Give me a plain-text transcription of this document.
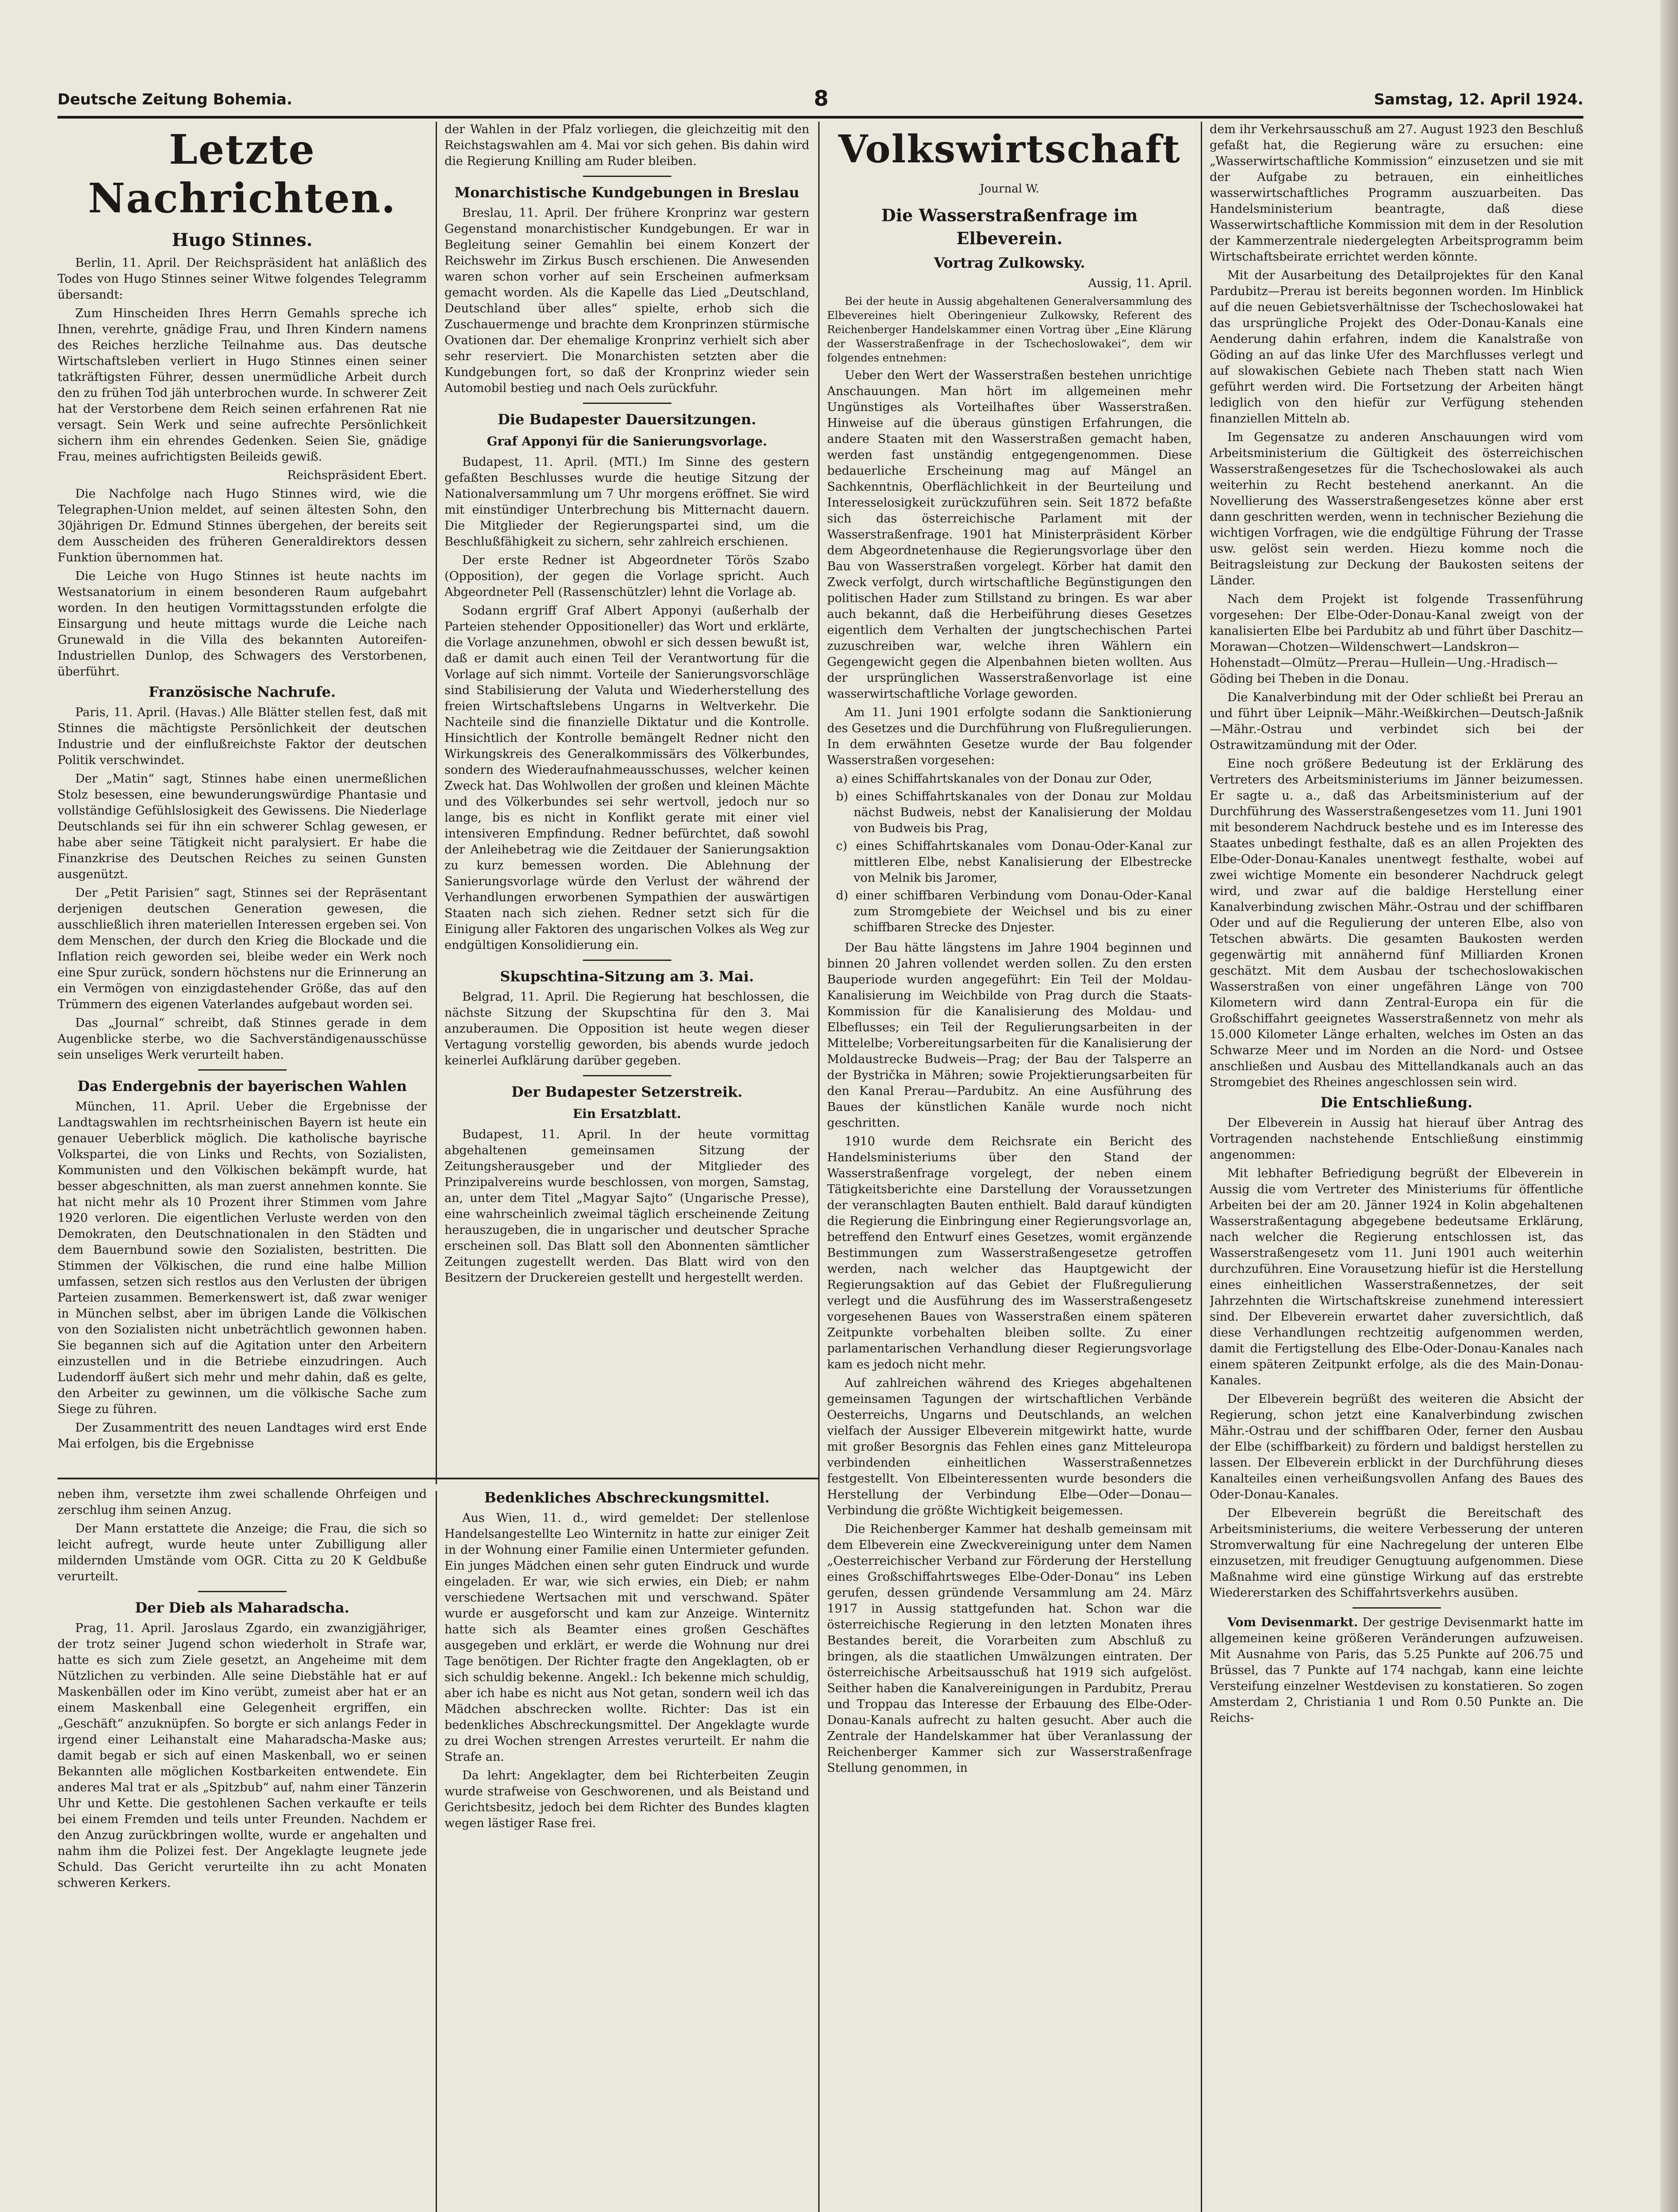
Deutsche Zeitung Bohemia.	8	Samstag, 12. April 1924.
Letzte Nachrichten.
Hugo Stinnes.

Berlin, 11. April. Der Reichspräsident hat anläßlich des Todes von Hugo Stinnes seiner Witwe folgendes Telegramm übersandt:

Zum Hinscheiden Ihres Herrn Gemahls spreche ich Ihnen, verehrte, gnädige Frau, und Ihren Kindern namens des Reiches herzliche Teilnahme aus. Das deutsche Wirtschaftsleben verliert in Hugo Stinnes einen seiner tatkräftigsten Führer, dessen unermüdliche Arbeit durch den zu frühen Tod jäh unterbrochen wurde. In schwerer Zeit hat der Verstorbene dem Reich seinen erfahrenen Rat nie versagt. Sein Werk und seine aufrechte Persönlichkeit sichern ihm ein ehrendes Gedenken. Seien Sie, gnädige Frau, meines aufrichtigsten Beileids gewiß.

Reichspräsident Ebert.

Die Nachfolge nach Hugo Stinnes wird, wie die Telegraphen-Union meldet, auf seinen ältesten Sohn, den 30jährigen Dr. Edmund Stinnes übergehen, der bereits seit dem Ausscheiden des früheren Generaldirektors dessen Funktion übernommen hat.

Die Leiche von Hugo Stinnes ist heute nachts im Westsanatorium in einem besonderen Raum aufgebahrt worden. In den heutigen Vormittagsstunden erfolgte die Einsargung und heute mittags wurde die Leiche nach Grunewald in die Villa des bekannten Autoreifen-Industriellen Dunlop, des Schwagers des Verstorbenen, überführt.

Französische Nachrufe.

Paris, 11. April. (Havas.) Alle Blätter stellen fest, daß mit Stinnes die mächtigste Persönlichkeit der deutschen Industrie und der einflußreichste Faktor der deutschen Politik verschwindet.

Der „Matin“ sagt, Stinnes habe einen unermeßlichen Stolz besessen, eine bewunderungswürdige Phantasie und vollständige Gefühlslosigkeit des Gewissens. Die Niederlage Deutschlands sei für ihn ein schwerer Schlag gewesen, er habe aber seine Tätigkeit nicht paralysiert. Er habe die Finanzkrise des Deutschen Reiches zu seinen Gunsten ausgenützt.

Der „Petit Parisien“ sagt, Stinnes sei der Repräsentant derjenigen deutschen Generation gewesen, die ausschließlich ihren materiellen Interessen ergeben sei. Von dem Menschen, der durch den Krieg die Blockade und die Inflation reich geworden sei, bleibe weder ein Werk noch eine Spur zurück, sondern höchstens nur die Erinnerung an ein Vermögen von einzigdastehender Größe, das auf den Trümmern des eigenen Vaterlandes aufgebaut worden sei.

Das „Journal“ schreibt, daß Stinnes gerade in dem Augenblicke sterbe, wo die Sachverständigenausschüsse sein unseliges Werk verurteilt haben.

Das Endergebnis der bayerischen Wahlen

München, 11. April. Ueber die Ergebnisse der Landtagswahlen im rechtsrheinischen Bayern ist heute ein genauer Ueberblick möglich. Die katholische bayrische Volkspartei, die von Links und Rechts, von Sozialisten, Kommunisten und den Völkischen bekämpft wurde, hat besser abgeschnitten, als man zuerst annehmen konnte. Sie hat nicht mehr als 10 Prozent ihrer Stimmen vom Jahre 1920 verloren. Die eigentlichen Verluste werden von den Demokraten, den Deutschnationalen in den Städten und dem Bauernbund sowie den Sozialisten, bestritten. Die Stimmen der Völkischen, die rund eine halbe Million umfassen, setzen sich restlos aus den Verlusten der übrigen Parteien zusammen. Bemerkenswert ist, daß zwar weniger in München selbst, aber im übrigen Lande die Völkischen von den Sozialisten nicht unbeträchtlich gewonnen haben. Sie begannen sich auf die Agitation unter den Arbeitern einzustellen und in die Betriebe einzudringen. Auch Ludendorff äußert sich mehr und mehr dahin, daß es gelte, den Arbeiter zu gewinnen, um die völkische Sache zum Siege zu führen.

Der Zusammentritt des neuen Landtages wird erst Ende Mai erfolgen, bis die Ergebnisse

der Wahlen in der Pfalz vorliegen, die gleichzeitig mit den Reichstagswahlen am 4. Mai vor sich gehen. Bis dahin wird die Regierung Knilling am Ruder bleiben.

Monarchistische Kundgebungen in Breslau

Breslau, 11. April. Der frühere Kronprinz war gestern Gegenstand monarchistischer Kundgebungen. Er war in Begleitung seiner Gemahlin bei einem Konzert der Reichswehr im Zirkus Busch erschienen. Die Anwesenden waren schon vorher auf sein Erscheinen aufmerksam gemacht worden. Als die Kapelle das Lied „Deutschland, Deutschland über alles“ spielte, erhob sich die Zuschauermenge und brachte dem Kronprinzen stürmische Ovationen dar. Der ehemalige Kronprinz verhielt sich aber sehr reserviert. Die Monarchisten setzten aber die Kundgebungen fort, so daß der Kronprinz wieder sein Automobil bestieg und nach Oels zurückfuhr.

Die Budapester Dauersitzungen.
Graf Apponyi für die Sanierungsvorlage.

Budapest, 11. April. (MTI.) Im Sinne des gestern gefaßten Beschlusses wurde die heutige Sitzung der Nationalversammlung um 7 Uhr morgens eröffnet. Sie wird mit einstündiger Unterbrechung bis Mitternacht dauern. Die Mitglieder der Regierungspartei sind, um die Beschlußfähigkeit zu sichern, sehr zahlreich erschienen.

Der erste Redner ist Abgeordneter Törös Szabo (Opposition), der gegen die Vorlage spricht. Auch Abgeordneter Pell (Rassenschützler) lehnt die Vorlage ab.

Sodann ergriff Graf Albert Apponyi (außerhalb der Parteien stehender Oppositioneller) das Wort und erklärte, die Vorlage anzunehmen, obwohl er sich dessen bewußt ist, daß er damit auch einen Teil der Verantwortung für die Vorlage auf sich nimmt. Vorteile der Sanierungsvorschläge sind Stabilisierung der Valuta und Wiederherstellung des freien Wirtschaftslebens Ungarns in Weltverkehr. Die Nachteile sind die finanzielle Diktatur und die Kontrolle. Hinsichtlich der Kontrolle bemängelt Redner nicht den Wirkungskreis des Generalkommissärs des Völkerbundes, sondern des Wiederaufnahmeausschusses, welcher keinen Zweck hat. Das Wohlwollen der großen und kleinen Mächte und des Völkerbundes sei sehr wertvoll, jedoch nur so lange, bis es nicht in Konflikt gerate mit einer viel intensiveren Empfindung. Redner befürchtet, daß sowohl der Anleihebetrag wie die Zeitdauer der Sanierungsaktion zu kurz bemessen worden. Die Ablehnung der Sanierungsvorlage würde den Verlust der während der Verhandlungen erworbenen Sympathien der auswärtigen Staaten nach sich ziehen. Redner setzt sich für die Einigung aller Faktoren des ungarischen Volkes als Weg zur endgültigen Konsolidierung ein.

Skupschtina-Sitzung am 3. Mai.

Belgrad, 11. April. Die Regierung hat beschlossen, die nächste Sitzung der Skupschtina für den 3. Mai anzuberaumen. Die Opposition ist heute wegen dieser Vertagung vorstellig geworden, bis abends wurde jedoch keinerlei Aufklärung darüber gegeben.

Der Budapester Setzerstreik.
Ein Ersatzblatt.

Budapest, 11. April. In der heute vormittag abgehaltenen gemeinsamen Sitzung der Zeitungsherausgeber und der Mitglieder des Prinzipalvereins wurde beschlossen, von morgen, Samstag, an, unter dem Titel „Magyar Sajto“ (Ungarische Presse), eine wahrscheinlich zweimal täglich erscheinende Zeitung herauszugeben, die in ungarischer und deutscher Sprache erscheinen soll. Das Blatt soll den Abonnenten sämtlicher Zeitungen zugestellt werden. Das Blatt wird von den Besitzern der Druckereien gestellt und hergestellt werden.

Volkswirtschaft

Journal W.

Die Wasserstraßenfrage im Elbeverein.
Vortrag Zulkowsky.

Aussig, 11. April.

Bei der heute in Aussig abgehaltenen Generalversammlung des Elbevereines hielt Oberingenieur Zulkowsky, Referent des Reichenberger Handelskammer einen Vortrag über „Eine Klärung der Wasserstraßenfrage in der Tschechoslowakei“, dem wir folgendes entnehmen:

Ueber den Wert der Wasserstraßen bestehen unrichtige Anschauungen. Man hört im allgemeinen mehr Ungünstiges als Vorteilhaftes über Wasserstraßen. Hinweise auf die überaus günstigen Erfahrungen, die andere Staaten mit den Wasserstraßen gemacht haben, werden fast unständig entgegengenommen. Diese bedauerliche Erscheinung mag auf Mängel an Sachkenntnis, Oberflächlichkeit in der Beurteilung und Interesselosigkeit zurückzuführen sein. Seit 1872 befaßte sich das österreichische Parlament mit der Wasserstraßenfrage. 1901 hat Ministerpräsident Körber dem Abgeordnetenhause die Regierungsvorlage über den Bau von Wasserstraßen vorgelegt. Körber hat damit den Zweck verfolgt, durch wirtschaftliche Begünstigungen den politischen Hader zum Stillstand zu bringen. Es war aber auch bekannt, daß die Herbeiführung dieses Gesetzes eigentlich dem Verhalten der jungtschechischen Partei zuzuschreiben war, welche ihren Wählern ein Gegengewicht gegen die Alpenbahnen bieten wollten. Aus der ursprünglichen Wasserstraßenvorlage ist eine wasserwirtschaftliche Vorlage geworden.

Am 11. Juni 1901 erfolgte sodann die Sanktionierung des Gesetzes und die Durchführung von Flußregulierungen. In dem erwähnten Gesetze wurde der Bau folgender Wasserstraßen vorgesehen:

a) eines Schiffahrtskanales von der Donau zur Oder,
b) eines Schiffahrtskanales von der Donau zur Moldau nächst Budweis, nebst der Kanalisierung der Moldau von Budweis bis Prag,
c) eines Schiffahrtskanales vom Donau-Oder-Kanal zur mittleren Elbe, nebst Kanalisierung der Elbestrecke von Melnik bis Jaromer,
d) einer schiffbaren Verbindung vom Donau-Oder-Kanal zum Stromgebiete der Weichsel und bis zu einer schiffbaren Strecke des Dnjester.

Der Bau hätte längstens im Jahre 1904 beginnen und binnen 20 Jahren vollendet werden sollen. Zu den ersten Bauperiode wurden angegeführt: Ein Teil der Moldau-Kanalisierung im Weichbilde von Prag durch die Staats-Kommission für die Kanalisierung des Moldau- und Elbeflusses; ein Teil der Regulierungsarbeiten in der Mittelelbe; Vorbereitungsarbeiten für die Kanalisierung der Moldaustrecke Budweis—Prag; der Bau der Talsperre an der Bystrička in Mähren; sowie Projektierungsarbeiten für den Kanal Prerau—Pardubitz. An eine Ausführung des Baues der künstlichen Kanäle wurde noch nicht geschritten.

1910 wurde dem Reichsrate ein Bericht des Handelsministeriums über den Stand der Wasserstraßenfrage vorgelegt, der neben einem Tätigkeitsberichte eine Darstellung der Voraussetzungen der veranschlagten Bauten enthielt. Bald darauf kündigten die Regierung die Einbringung einer Regierungsvorlage an, betreffend den Entwurf eines Gesetzes, womit ergänzende Bestimmungen zum Wasserstraßengesetze getroffen werden, nach welcher das Hauptgewicht der Regierungsaktion auf das Gebiet der Flußregulierung verlegt und die Ausführung des im Wasserstraßengesetz vorgesehenen Baues von Wasserstraßen einem späteren Zeitpunkte vorbehalten bleiben sollte. Zu einer parlamentarischen Verhandlung dieser Regierungsvorlage kam es jedoch nicht mehr.

Auf zahlreichen während des Krieges abgehaltenen gemeinsamen Tagungen der wirtschaftlichen Verbände Oesterreichs, Ungarns und Deutschlands, an welchen vielfach der Aussiger Elbeverein mitgewirkt hatte, wurde mit großer Besorgnis das Fehlen eines ganz Mitteleuropa verbindenden einheitlichen Wasserstraßennetzes festgestellt. Von Elbeinteressenten wurde besonders die Herstellung der Verbindung Elbe—Oder—Donau—Verbindung die größte Wichtigkeit beigemessen.

Die Reichenberger Kammer hat deshalb gemeinsam mit dem Elbeverein eine Zweckvereinigung unter dem Namen „Oesterreichischer Verband zur Förderung der Herstellung eines Großschiffahrtsweges Elbe-Oder-Donau“ ins Leben gerufen, dessen gründende Versammlung am 24. März 1917 in Aussig stattgefunden hat. Schon war die österreichische Regierung in den letzten Monaten ihres Bestandes bereit, die Vorarbeiten zum Abschluß zu bringen, als die staatlichen Umwälzungen eintraten. Der österreichische Arbeitsausschuß hat 1919 sich aufgelöst. Seither haben die Kanalvereinigungen in Pardubitz, Prerau und Troppau das Interesse der Erbauung des Elbe-Oder-Donau-Kanals aufrecht zu halten gesucht. Aber auch die Zentrale der Handelskammer hat über Veranlassung der Reichenberger Kammer sich zur Wasserstraßenfrage Stellung genommen, in

dem ihr Verkehrsausschuß am 27. August 1923 den Beschluß gefaßt hat, die Regierung wäre zu ersuchen: eine „Wasserwirtschaftliche Kommission“ einzusetzen und sie mit der Aufgabe zu betrauen, ein einheitliches wasserwirtschaftliches Programm auszuarbeiten. Das Handelsministerium beantragte, daß diese Wasserwirtschaftliche Kommission mit dem in der Resolution der Kammerzentrale niedergelegten Arbeitsprogramm beim Wirtschaftsbeirate errichtet werden könnte.

Mit der Ausarbeitung des Detailprojektes für den Kanal Pardubitz—Prerau ist bereits begonnen worden. Im Hinblick auf die neuen Gebietsverhältnisse der Tschechoslowakei hat das ursprüngliche Projekt des Oder-Donau-Kanals eine Aenderung dahin erfahren, indem die Kanalstraße von Göding an auf das linke Ufer des Marchflusses verlegt und auf slowakischen Gebiete nach Theben statt nach Wien geführt werden wird. Die Fortsetzung der Arbeiten hängt lediglich von den hiefür zur Verfügung stehenden finanziellen Mitteln ab.

Im Gegensatze zu anderen Anschauungen wird vom Arbeitsministerium die Gültigkeit des österreichischen Wasserstraßengesetzes für die Tschechoslowakei als auch weiterhin zu Recht bestehend anerkannt. An die Novellierung des Wasserstraßengesetzes könne aber erst dann geschritten werden, wenn in technischer Beziehung die wichtigen Vorfragen, wie die endgültige Führung der Trasse usw. gelöst sein werden. Hiezu komme noch die Beitragsleistung zur Deckung der Baukosten seitens der Länder.

Nach dem Projekt ist folgende Trassenführung vorgesehen: Der Elbe-Oder-Donau-Kanal zweigt von der kanalisierten Elbe bei Pardubitz ab und führt über Daschitz—Morawan—Chotzen—Wildenschwert—Landskron—Hohenstadt—Olmütz—Prerau—Hullein—Ung.-Hradisch—Göding bei Theben in die Donau.

Die Kanalverbindung mit der Oder schließt bei Prerau an und führt über Leipnik—Mähr.-Weißkirchen—Deutsch-Jaßnik—Mähr.-Ostrau und verbindet sich bei der Ostrawitzamündung mit der Oder.

Eine noch größere Bedeutung ist der Erklärung des Vertreters des Arbeitsministeriums im Jänner beizumessen. Er sagte u. a., daß das Arbeitsministerium auf der Durchführung des Wasserstraßengesetzes vom 11. Juni 1901 mit besonderem Nachdruck bestehe und es im Interesse des Staates unbedingt festhalte, daß es an allen Projekten des Elbe-Oder-Donau-Kanales unentwegt festhalte, wobei auf zwei wichtige Momente ein besonderer Nachdruck gelegt wird, und zwar auf die baldige Herstellung einer Kanalverbindung zwischen Mähr.-Ostrau und der schiffbaren Oder und auf die Regulierung der unteren Elbe, also von Tetschen abwärts. Die gesamten Baukosten werden gegenwärtig mit annähernd fünf Milliarden Kronen geschätzt. Mit dem Ausbau der tschechoslowakischen Wasserstraßen von einer ungefähren Länge von 700 Kilometern wird dann Zentral-Europa ein für die Großschiffahrt geeignetes Wasserstraßennetz von mehr als 15.000 Kilometer Länge erhalten, welches im Osten an das Schwarze Meer und im Norden an die Nord- und Ostsee anschließen und Ausbau des Mittellandkanals auch an das Stromgebiet des Rheines angeschlossen sein wird.

Die Entschließung.

Der Elbeverein in Aussig hat hierauf über Antrag des Vortragenden nachstehende Entschließung einstimmig angenommen:

Mit lebhafter Befriedigung begrüßt der Elbeverein in Aussig die vom Vertreter des Ministeriums für öffentliche Arbeiten bei der am 20. Jänner 1924 in Kolin abgehaltenen Wasserstraßentagung abgegebene bedeutsame Erklärung, nach welcher die Regierung entschlossen ist, das Wasserstraßengesetz vom 11. Juni 1901 auch weiterhin durchzuführen. Eine Vorausetzung hiefür ist die Herstellung eines einheitlichen Wasserstraßennetzes, der seit Jahrzehnten die Wirtschaftskreise zunehmend interessiert sind. Der Elbeverein erwartet daher zuversichtlich, daß diese Verhandlungen rechtzeitig aufgenommen werden, damit die Fertigstellung des Elbe-Oder-Donau-Kanales nach einem späteren Zeitpunkt erfolge, als die des Main-Donau-Kanales.

Der Elbeverein begrüßt des weiteren die Absicht der Regierung, schon jetzt eine Kanalverbindung zwischen Mähr.-Ostrau und der schiffbaren Oder, ferner den Ausbau der Elbe (schiffbarkeit) zu fördern und baldigst herstellen zu lassen. Der Elbeverein erblickt in der Durchführung dieses Kanalteiles einen verheißungsvollen Anfang des Baues des Oder-Donau-Kanales.

Der Elbeverein begrüßt die Bereitschaft des Arbeitsministeriums, die weitere Verbesserung der unteren Stromverwaltung für eine Nachregelung der unteren Elbe einzusetzen, mit freudiger Genugtuung aufgenommen. Diese Maßnahme wird eine günstige Wirkung auf das erstrebte Wiedererstarken des Schiffahrtsverkehrs ausüben.

Vom Devisenmarkt. Der gestrige Devisenmarkt hatte im allgemeinen keine größeren Veränderungen aufzuweisen. Mit Ausnahme von Paris, das 5.25 Punkte auf 206.75 und Brüssel, das 7 Punkte auf 174 nachgab, kann eine leichte Versteifung einzelner Westdevisen zu konstatieren. So zogen Amsterdam 2, Christiania 1 und Rom 0.50 Punkte an. Die Reichs-

neben ihm, versetzte ihm zwei schallende Ohrfeigen und zerschlug ihm seinen Anzug.

Der Mann erstattete die Anzeige; die Frau, die sich so leicht aufregt, wurde heute unter Zubilligung aller mildernden Umstände vom OGR. Citta zu 20 K Geldbuße verurteilt.

Der Dieb als Maharadscha.

Prag, 11. April. Jaroslaus Zgardo, ein zwanzigjähriger, der trotz seiner Jugend schon wiederholt in Strafe war, hatte es sich zum Ziele gesetzt, an Angeheime mit dem Nützlichen zu verbinden. Alle seine Diebstähle hat er auf Maskenbällen oder im Kino verübt, zumeist aber hat er an einem Maskenball eine Gelegenheit ergriffen, ein „Geschäft“ anzuknüpfen. So borgte er sich anlangs Feder in irgend einer Leihanstalt eine Maharadscha-Maske aus; damit begab er sich auf einen Maskenball, wo er seinen Bekannten alle möglichen Kostbarkeiten entwendete. Ein anderes Mal trat er als „Spitzbub“ auf, nahm einer Tänzerin Uhr und Kette. Die gestohlenen Sachen verkaufte er teils bei einem Fremden und teils unter Freunden. Nachdem er den Anzug zurückbringen wollte, wurde er angehalten und nahm ihm die Polizei fest. Der Angeklagte leugnete jede Schuld. Das Gericht verurteilte ihn zu acht Monaten schweren Kerkers.

Bedenkliches Abschreckungsmittel.

Aus Wien, 11. d., wird gemeldet: Der stellenlose Handelsangestellte Leo Winternitz in hatte zur einiger Zeit in der Wohnung einer Familie einen Untermieter gefunden. Ein junges Mädchen einen sehr guten Eindruck und wurde eingeladen. Er war, wie sich erwies, ein Dieb; er nahm verschiedene Wertsachen mit und verschwand. Später wurde er ausgeforscht und kam zur Anzeige. Winternitz hatte sich als Beamter eines großen Geschäftes ausgegeben und erklärt, er werde die Wohnung nur drei Tage benötigen. Der Richter fragte den Angeklagten, ob er sich schuldig bekenne. Angekl.: Ich bekenne mich schuldig, aber ich habe es nicht aus Not getan, sondern weil ich das Mädchen abschrecken wollte. Richter: Das ist ein bedenkliches Abschreckungsmittel. Der Angeklagte wurde zu drei Wochen strengen Arrestes verurteilt. Er nahm die Strafe an.

Da lehrt: Angeklagter, dem bei Richterbeiten Zeugin wurde strafweise von Geschworenen, und als Beistand und Gerichtsbesitz, jedoch bei dem Richter des Bundes klagten wegen lästiger Rase frei.
